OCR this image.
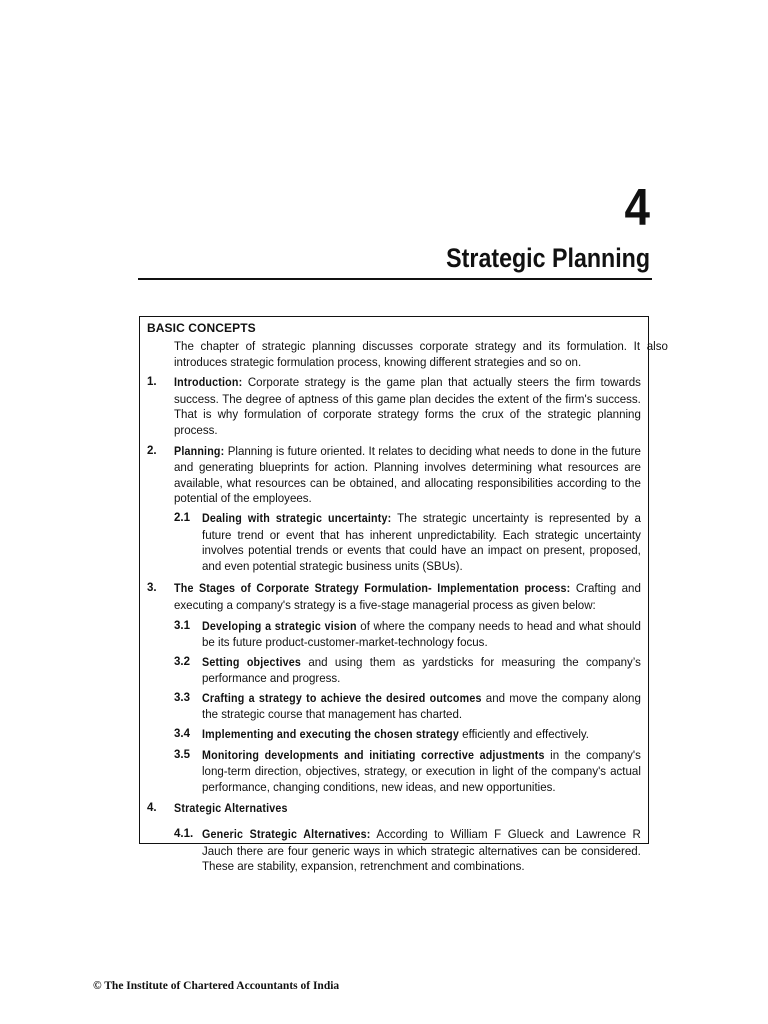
4
Strategic Planning
BASIC CONCEPTS
The chapter of strategic planning discusses corporate strategy and its formulation. It also introduces strategic formulation process, knowing different strategies and so on.
1.	Introduction: Corporate strategy is the game plan that actually steers the firm towards success. The degree of aptness of this game plan decides the extent of the firm's success. That is why formulation of corporate strategy forms the crux of the strategic planning process.
2.	Planning: Planning is future oriented. It relates to deciding what needs to done in the future and generating blueprints for action. Planning involves determining what resources are available, what resources can be obtained, and allocating responsibilities according to the potential of the employees.
2.1	Dealing with strategic uncertainty: The strategic uncertainty is represented by a future trend or event that has inherent unpredictability. Each strategic uncertainty involves potential trends or events that could have an impact on present, proposed, and even potential strategic business units (SBUs).
3.	The Stages of Corporate Strategy Formulation- Implementation process: Crafting and executing a company's strategy is a five-stage managerial process as given below:
3.1	Developing a strategic vision of where the company needs to head and what should be its future product-customer-market-technology focus.
3.2	Setting objectives and using them as yardsticks for measuring the company’s performance and progress.
3.3	Crafting a strategy to achieve the desired outcomes and move the company along the strategic course that management has charted.
3.4	Implementing and executing the chosen strategy efficiently and effectively.
3.5	Monitoring developments and initiating corrective adjustments in the company's long-term direction, objectives, strategy, or execution in light of the company's actual performance, changing conditions, new ideas, and new opportunities.
4.	Strategic Alternatives
4.1. Generic Strategic Alternatives: According to William F Glueck and Lawrence R Jauch there are four generic ways in which strategic alternatives can be considered. These are stability, expansion, retrenchment and combinations.
© The Institute of Chartered Accountants of India
